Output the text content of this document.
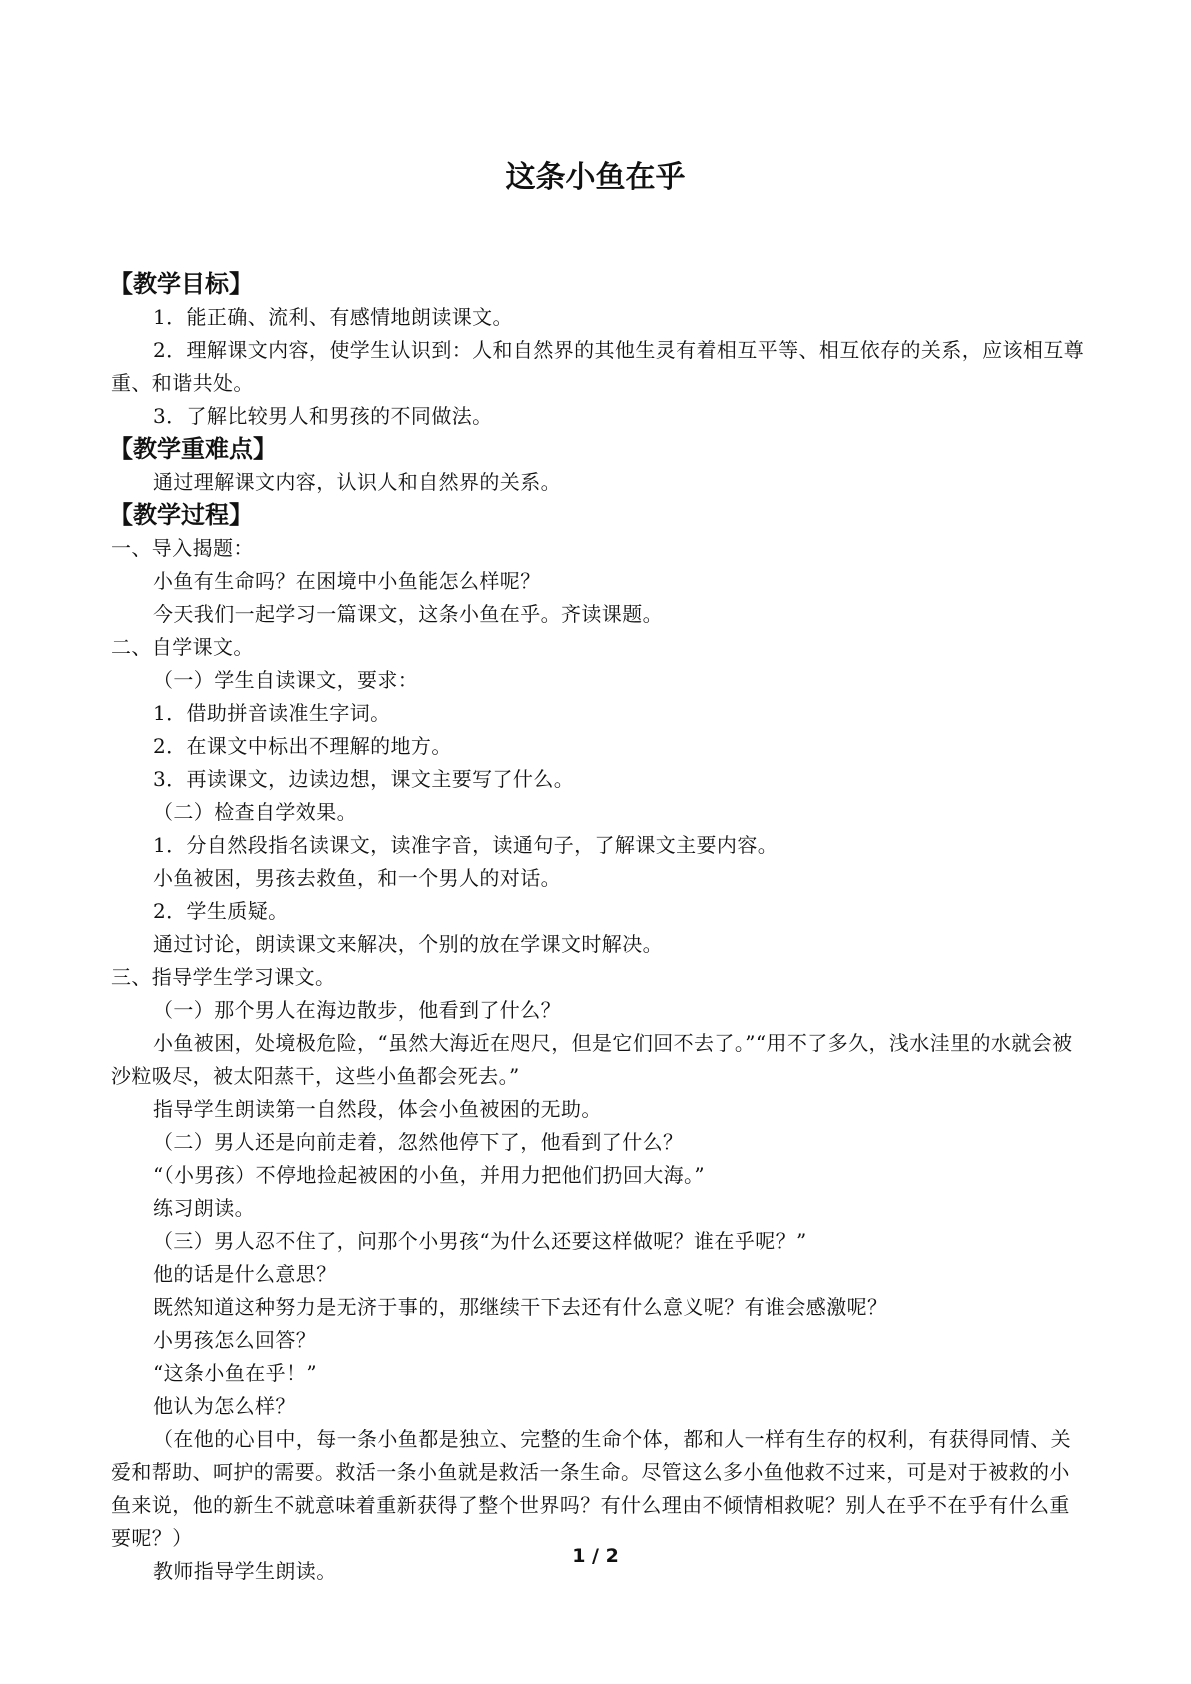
这条小鱼在乎
【教学目标】
1．能正确、流利、有感情地朗读课文。
2．理解课文内容，使学生认识到：人和自然界的其他生灵有着相互平等、相互依存的关系，应该相互尊重、和谐共处。
3．了解比较男人和男孩的不同做法。
【教学重难点】
通过理解课文内容，认识人和自然界的关系。
【教学过程】
一、导入揭题：
小鱼有生命吗？在困境中小鱼能怎么样呢？
今天我们一起学习一篇课文，这条小鱼在乎。齐读课题。
二、自学课文。
（一）学生自读课文，要求：
1．借助拼音读准生字词。
2．在课文中标出不理解的地方。
3．再读课文，边读边想，课文主要写了什么。
（二）检查自学效果。
1．分自然段指名读课文，读准字音，读通句子，了解课文主要内容。
小鱼被困，男孩去救鱼，和一个男人的对话。
2．学生质疑。
通过讨论，朗读课文来解决，个别的放在学课文时解决。
三、指导学生学习课文。
（一）那个男人在海边散步，他看到了什么？
小鱼被困，处境极危险，“虽然大海近在咫尺，但是它们回不去了。”“用不了多久，浅水洼里的水就会被沙粒吸尽，被太阳蒸干，这些小鱼都会死去。”
指导学生朗读第一自然段，体会小鱼被困的无助。
（二）男人还是向前走着，忽然他停下了，他看到了什么？
“（小男孩）不停地捡起被困的小鱼，并用力把他们扔回大海。”
练习朗读。
（三）男人忍不住了，问那个小男孩“为什么还要这样做呢？谁在乎呢？”
他的话是什么意思？
既然知道这种努力是无济于事的，那继续干下去还有什么意义呢？有谁会感激呢？
小男孩怎么回答？
“这条小鱼在乎！”
他认为怎么样？
（在他的心目中，每一条小鱼都是独立、完整的生命个体，都和人一样有生存的权利，有获得同情、关爱和帮助、呵护的需要。救活一条小鱼就是救活一条生命。尽管这么多小鱼他救不过来，可是对于被救的小鱼来说，他的新生不就意味着重新获得了整个世界吗？有什么理由不倾情相救呢？别人在乎不在乎有什么重要呢？）
教师指导学生朗读。
1 / 2
